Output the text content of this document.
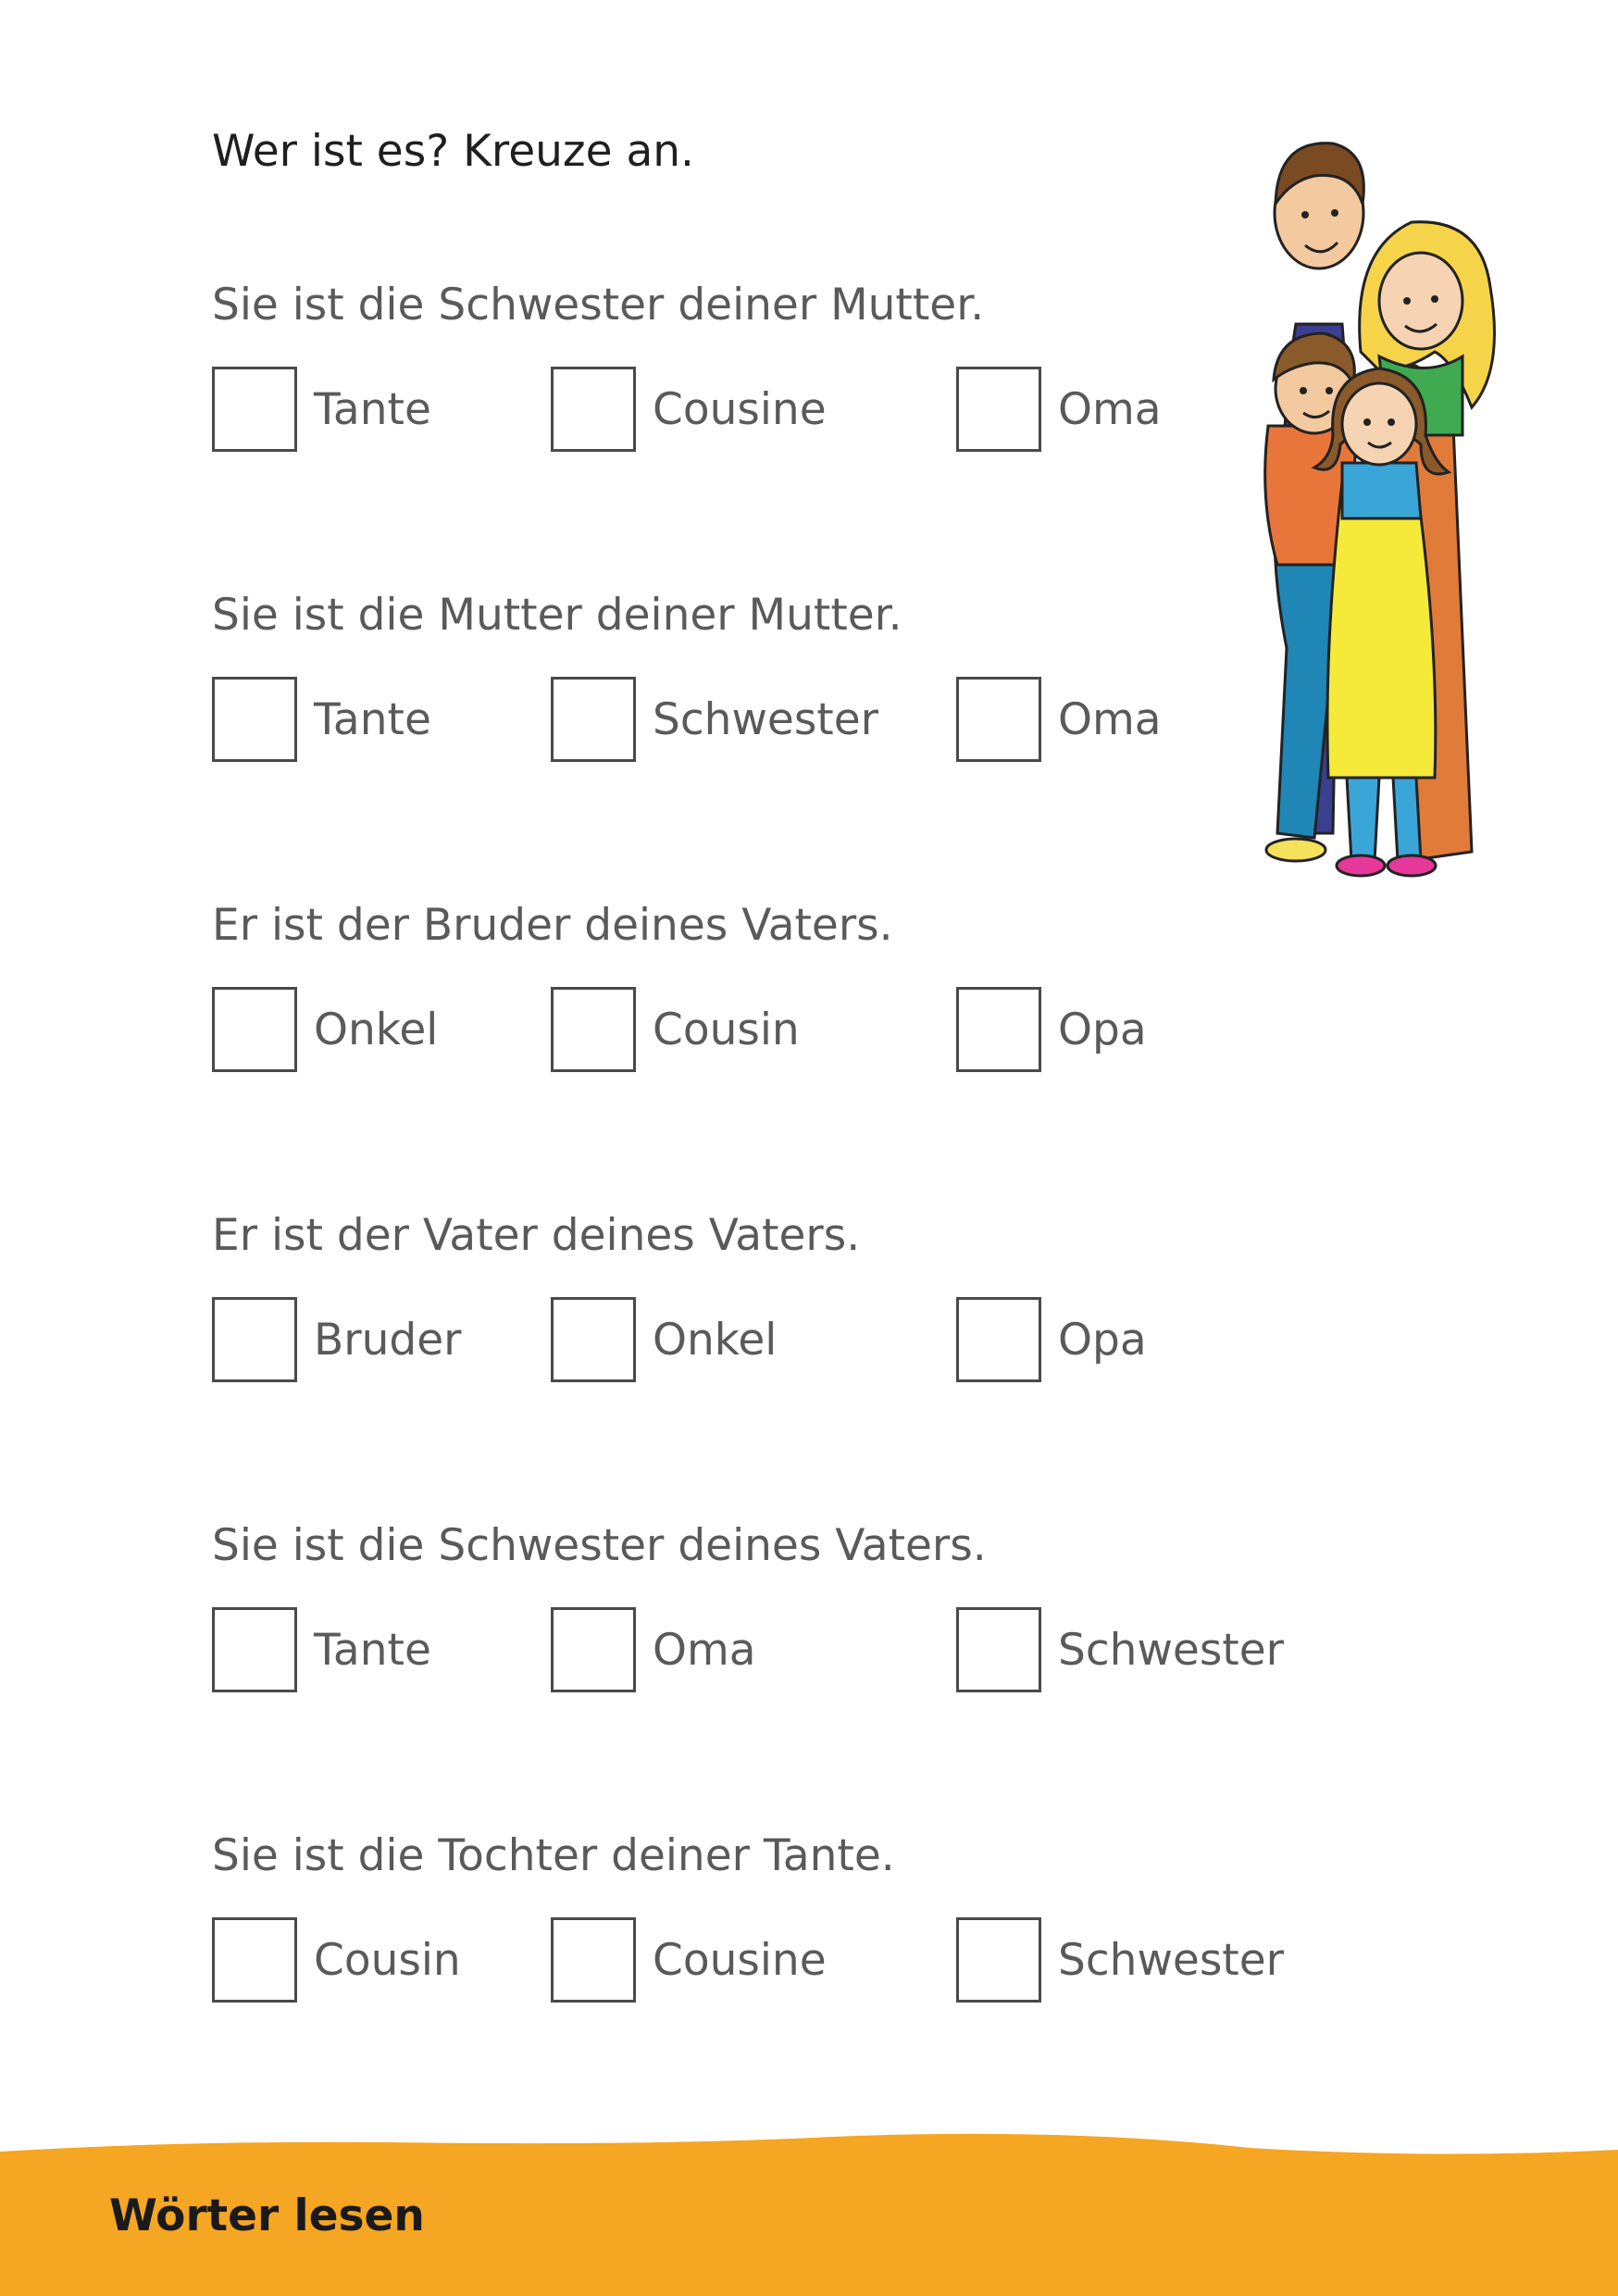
Wer ist es? Kreuze an.
Sie ist die Schwester deiner Mutter.
Tante	Cousine	Oma
Sie ist die Mutter deiner Mutter.
Tante	Schwester	Oma
Er ist der Bruder deines Vaters.
Onkel	Cousin	Opa
Er ist der Vater deines Vaters.
Bruder	Onkel	Opa
Sie ist die Schwester deines Vaters.
Tante	Oma	Schwester
Sie ist die Tochter deiner Tante.
Cousin	Cousine	Schwester
Wörter lesen
